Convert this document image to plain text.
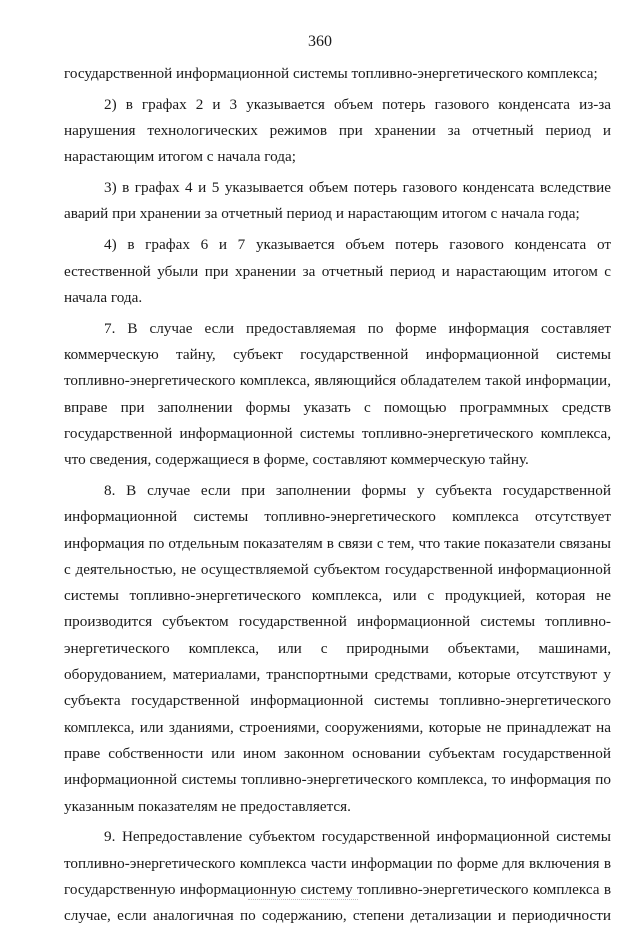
360

государственной информационной системы топливно-энергетического комплекса;

2) в графах 2 и 3 указывается объем потерь газового конденсата из-за нарушения технологических режимов при хранении за отчетный период и нарастающим итогом с начала года;

3) в графах 4 и 5 указывается объем потерь газового конденсата вследствие аварий при хранении за отчетный период и нарастающим итогом с начала года;

4) в графах 6 и 7 указывается объем потерь газового конденсата от естественной убыли при хранении за отчетный период и нарастающим итогом с начала года.

7. В случае если предоставляемая по форме информация составляет коммерческую тайну, субъект государственной информационной системы топливно-энергетического комплекса, являющийся обладателем такой информации, вправе при заполнении формы указать с помощью программных средств государственной информационной системы топливно-энергетического комплекса, что сведения, содержащиеся в форме, составляют коммерческую тайну.

8. В случае если при заполнении формы у субъекта государственной информационной системы топливно-энергетического комплекса отсутствует информация по отдельным показателям в связи с тем, что такие показатели связаны с деятельностью, не осуществляемой субъектом государственной информационной системы топливно-энергетического комплекса, или с продукцией, которая не производится субъектом государственной информационной системы топливно-энергетического комплекса, или с природными объектами, машинами, оборудованием, материалами, транспортными средствами, которые отсутствуют у субъекта государственной информационной системы топливно-энергетического комплекса, или зданиями, строениями, сооружениями, которые не принадлежат на праве собственности или ином законном основании субъектам государственной информационной системы топливно-энергетического комплекса, то информация по указанным показателям не предоставляется.

9. Непредоставление субъектом государственной информационной системы топливно-энергетического комплекса части информации по форме для включения в государственную информационную систему топливно-энергетического комплекса в случае, если аналогичная по содержанию, степени детализации и периодичности
